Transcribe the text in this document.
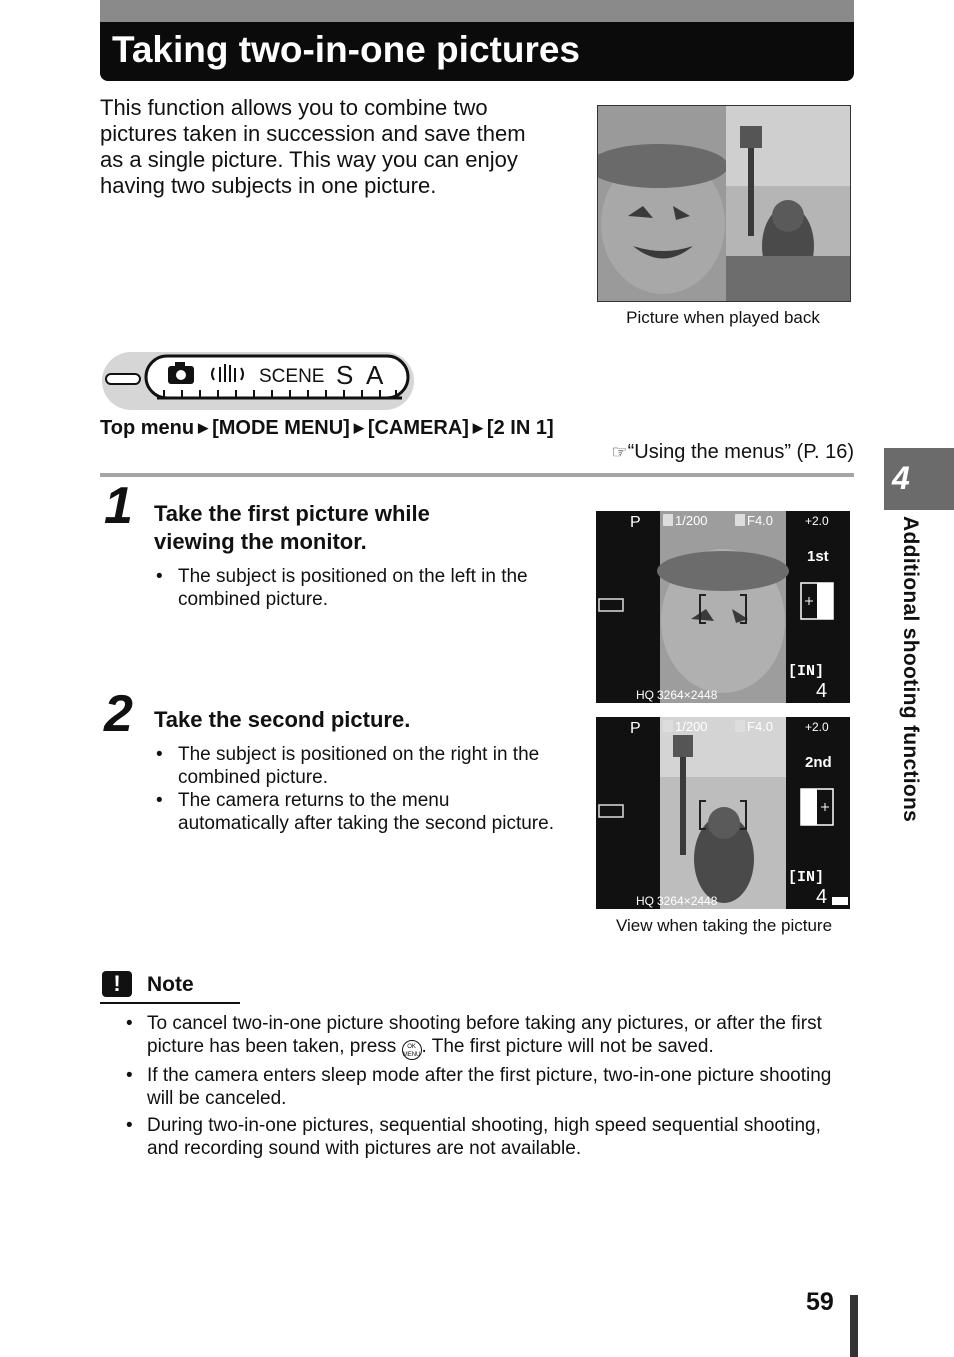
Taking two-in-one pictures

This function allows you to combine two pictures taken in succession and save them as a single picture. This way you can enjoy having two subjects in one picture.

Picture when played back
SCENE S A
Top menu ▶ [MODE MENU] ▶ [CAMERA] ▶ [2 IN 1]
☞“Using the menus” (P. 16)
1 Take the first picture while viewing the monitor.

• The subject is positioned on the left in the combined picture.
2 Take the second picture.

• The subject is positioned on the right in the combined picture.
• The camera returns to the menu automatically after taking the second picture.
P	1/200	F4.0	+2.0
1st
[IN]
HQ 3264×2448	4
P	1/200	F4.0	+2.0
2nd
[IN]
HQ 3264×2448	4
View when taking the picture
!	Note
• To cancel two-in-one picture shooting before taking any pictures, or after the first picture has been taken, press OK
MENU. The first picture will not be saved.
• If the camera enters sleep mode after the first picture, two-in-one picture shooting will be canceled.
• During two-in-one pictures, sequential shooting, high speed sequential shooting, and recording sound with pictures are not available.
4
Additional shooting functions
59
